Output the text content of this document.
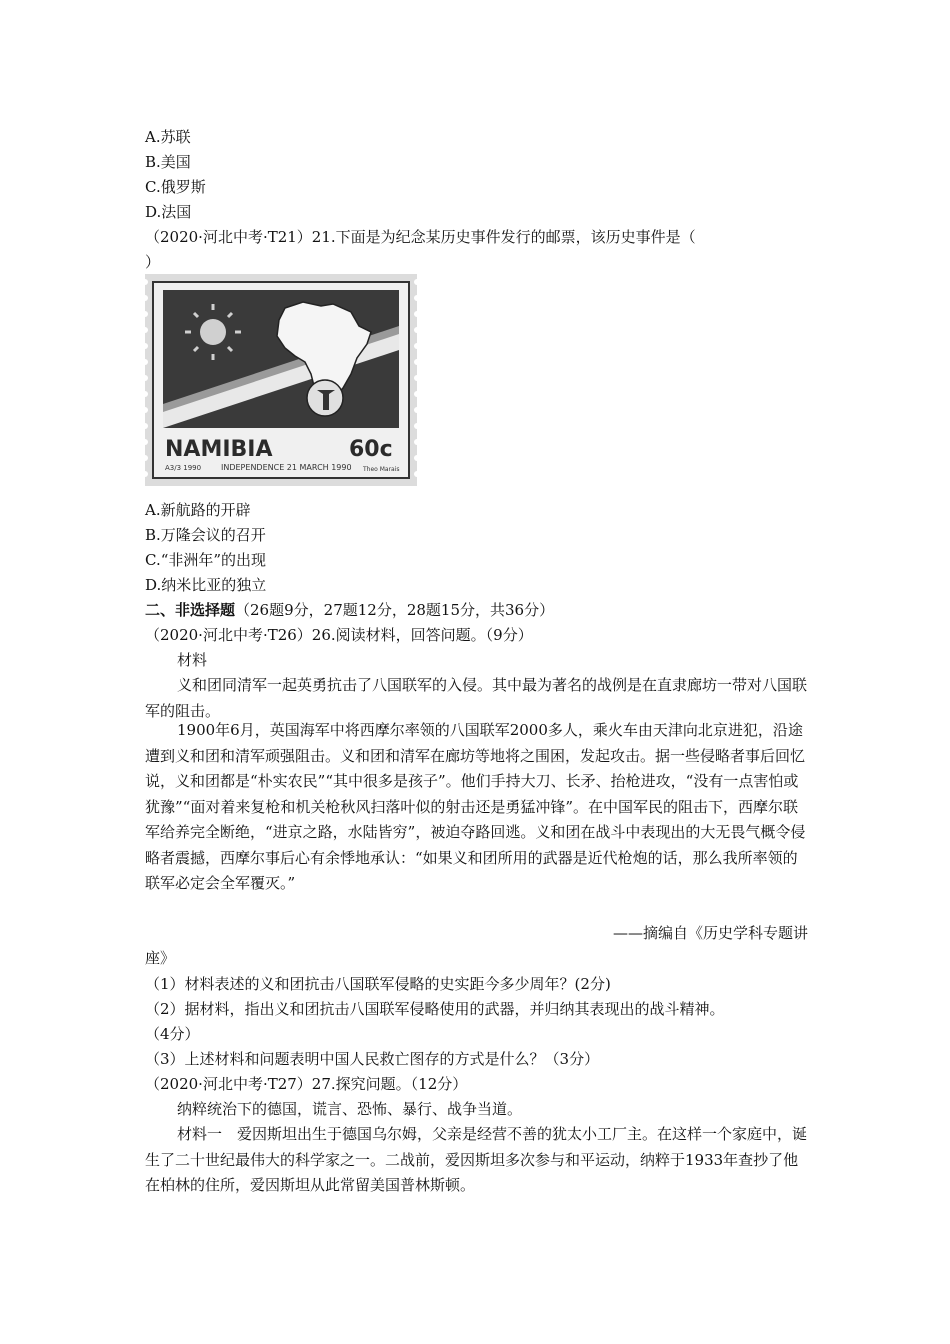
A.苏联
B.美国
C.俄罗斯
D.法国
（2020·河北中考·T21）21.下面是为纪念某历史事件发行的邮票，该历史事件是（
）
NAMIBIA	60c
A3/3 1990 INDEPENDENCE 21 MARCH 1990 Theo Marais
A.新航路的开辟
B.万隆会议的召开
C.“非洲年”的出现
D.纳米比亚的独立
二、非选择题（26题9分，27题12分，28题15分，共36分）
（2020·河北中考·T26）26.阅读材料，回答问题。（9分）
材料
义和团同清军一起英勇抗击了八国联军的入侵。其中最为著名的战例是在直隶廊坊一带对八国联军的阻击。
1900年6月，英国海军中将西摩尔率领的八国联军2000多人，乘火车由天津向北京进犯，沿途遭到义和团和清军顽强阻击。义和团和清军在廊坊等地将之围困，发起攻击。据一些侵略者事后回忆说，义和团都是“朴实农民”“其中很多是孩子”。他们手持大刀、长矛、抬枪进攻，“没有一点害怕或犹豫”“面对着来复枪和机关枪秋风扫落叶似的射击还是勇猛冲锋”。在中国军民的阻击下，西摩尔联军给养完全断绝，“进京之路，水陆皆穷”，被迫夺路回逃。义和团在战斗中表现出的大无畏气概令侵略者震撼，西摩尔事后心有余悸地承认：“如果义和团所用的武器是近代枪炮的话，那么我所率领的联军必定会全军覆灭。”
——摘编自《历史学科专题讲
座》
（1）材料表述的义和团抗击八国联军侵略的史实距今多少周年？(2分)
（2）据材料，指出义和团抗击八国联军侵略使用的武器，并归纳其表现出的战斗精神。
（4分）
（3）上述材料和问题表明中国人民救亡图存的方式是什么？（3分）
（2020·河北中考·T27）27.探究问题。（12分）
纳粹统治下的德国，谎言、恐怖、暴行、战争当道。
材料一　爱因斯坦出生于德国乌尔姆，父亲是经营不善的犹太小工厂主。在这样一个家庭中，诞生了二十世纪最伟大的科学家之一。二战前，爱因斯坦多次参与和平运动，纳粹于1933年查抄了他在柏林的住所，爱因斯坦从此常留美国普林斯顿。
